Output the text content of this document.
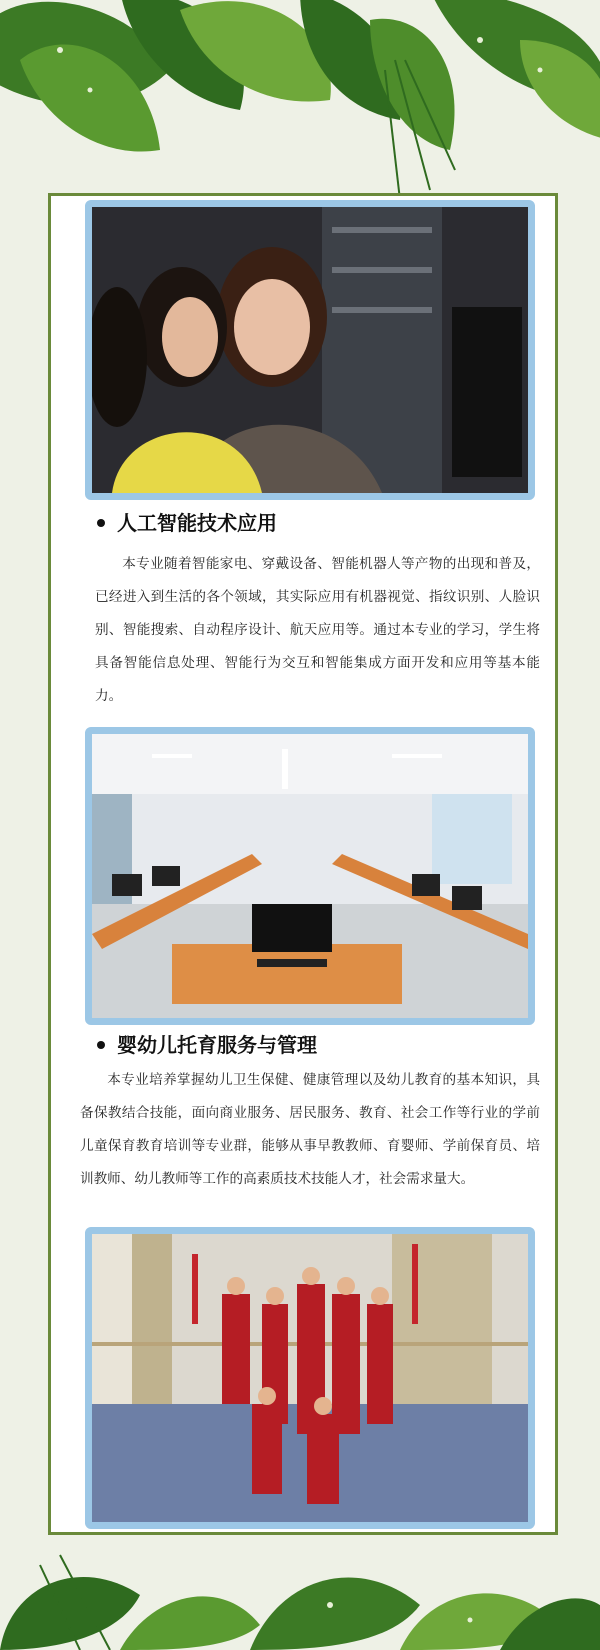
人工智能技术应用

本专业随着智能家电、穿戴设备、智能机器人等产物的出现和普及，已经进入到生活的各个领域，其实际应用有机器视觉、指纹识别、人脸识别、智能搜索、自动程序设计、航天应用等。通过本专业的学习，学生将具备智能信息处理、智能行为交互和智能集成方面开发和应用等基本能力。

婴幼儿托育服务与管理

本专业培养掌握幼儿卫生保健、健康管理以及幼儿教育的基本知识，具备保教结合技能，面向商业服务、居民服务、教育、社会工作等行业的学前儿童保育教育培训等专业群，能够从事早教教师、育婴师、学前保育员、培训教师、幼儿教师等工作的高素质技术技能人才，社会需求量大。
